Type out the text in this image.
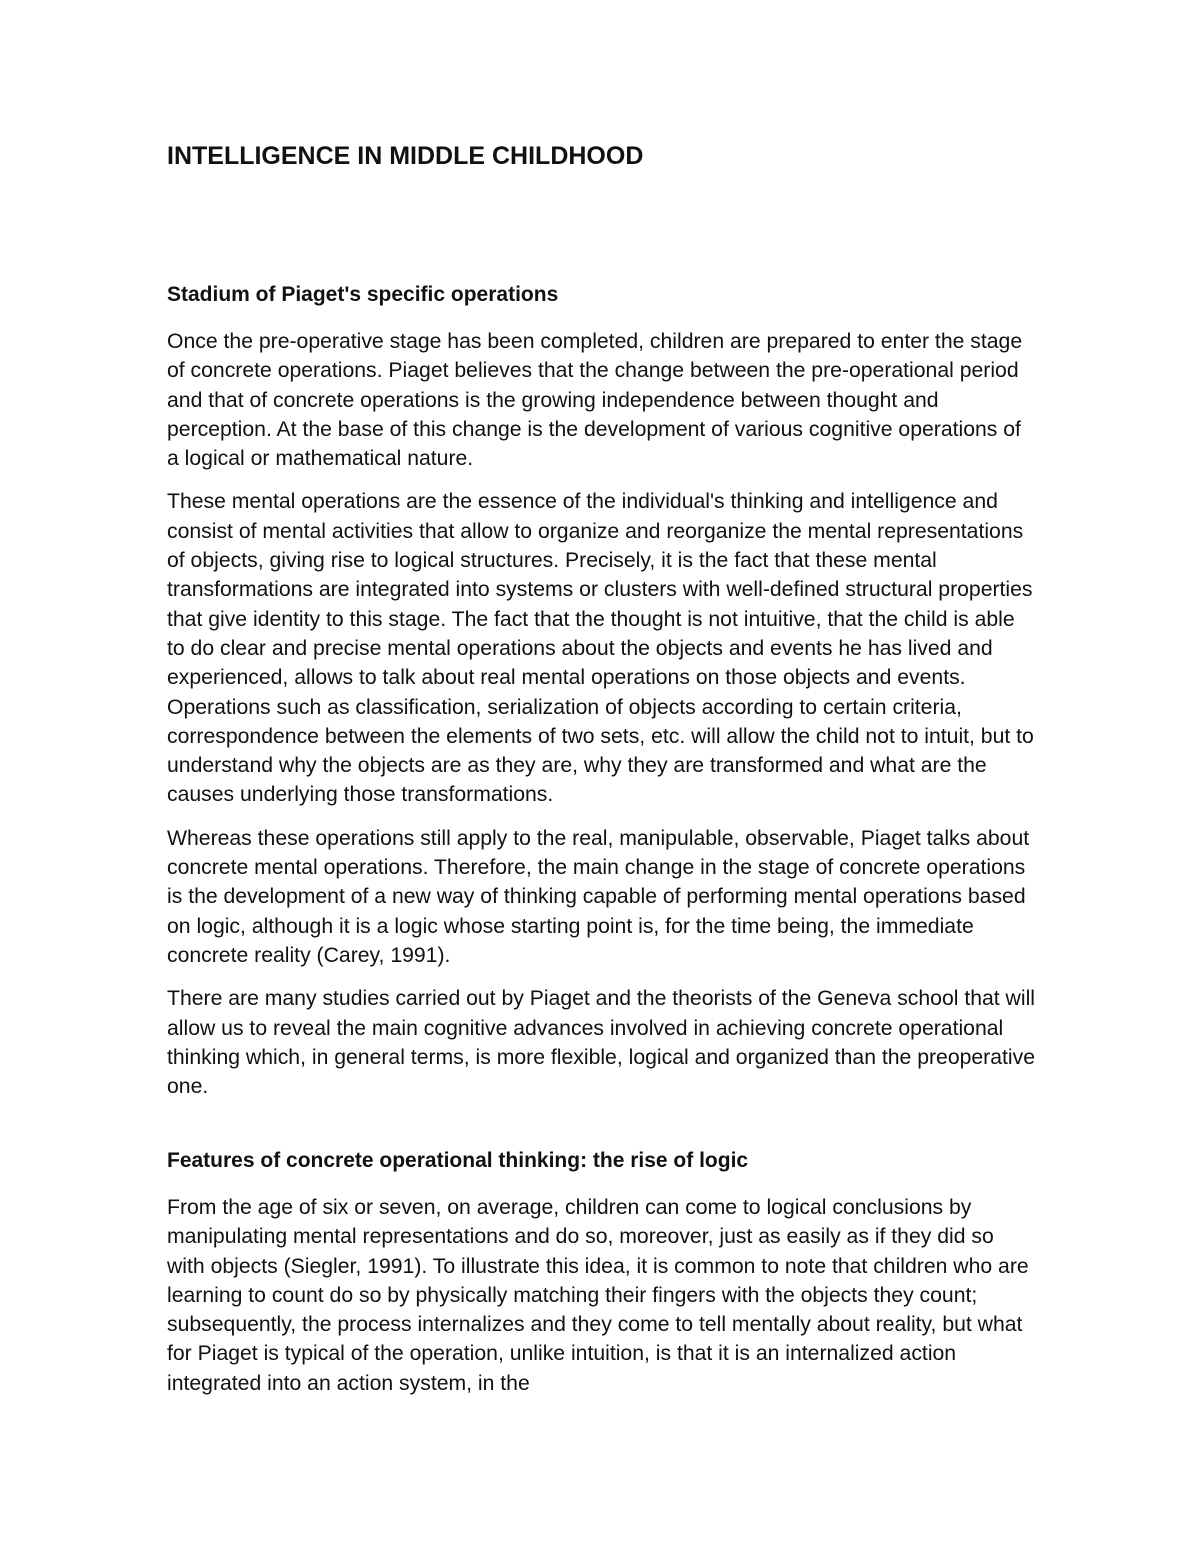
INTELLIGENCE IN MIDDLE CHILDHOOD
Stadium of Piaget's specific operations

Once the pre-operative stage has been completed, children are prepared to enter the stage of concrete operations. Piaget believes that the change between the pre-operational period and that of concrete operations is the growing independence between thought and perception. At the base of this change is the development of various cognitive operations of a logical or mathematical nature.

These mental operations are the essence of the individual's thinking and intelligence and consist of mental activities that allow to organize and reorganize the mental representations of objects, giving rise to logical structures. Precisely, it is the fact that these mental transformations are integrated into systems or clusters with well-defined structural properties that give identity to this stage. The fact that the thought is not intuitive, that the child is able to do clear and precise mental operations about the objects and events he has lived and experienced, allows to talk about real mental operations on those objects and events. Operations such as classification, serialization of objects according to certain criteria, correspondence between the elements of two sets, etc. will allow the child not to intuit, but to understand why the objects are as they are, why they are transformed and what are the causes underlying those transformations.

Whereas these operations still apply to the real, manipulable, observable, Piaget talks about concrete mental operations. Therefore, the main change in the stage of concrete operations is the development of a new way of thinking capable of performing mental operations based on logic, although it is a logic whose starting point is, for the time being, the immediate concrete reality (Carey, 1991).

There are many studies carried out by Piaget and the theorists of the Geneva school that will allow us to reveal the main cognitive advances involved in achieving concrete operational thinking which, in general terms, is more flexible, logical and organized than the preoperative one.

Features of concrete operational thinking: the rise of logic

From the age of six or seven, on average, children can come to logical conclusions by manipulating mental representations and do so, moreover, just as easily as if they did so with objects (Siegler, 1991). To illustrate this idea, it is common to note that children who are learning to count do so by physically matching their fingers with the objects they count; subsequently, the process internalizes and they come to tell mentally about reality, but what for Piaget is typical of the operation, unlike intuition, is that it is an internalized action integrated into an action system, in the
